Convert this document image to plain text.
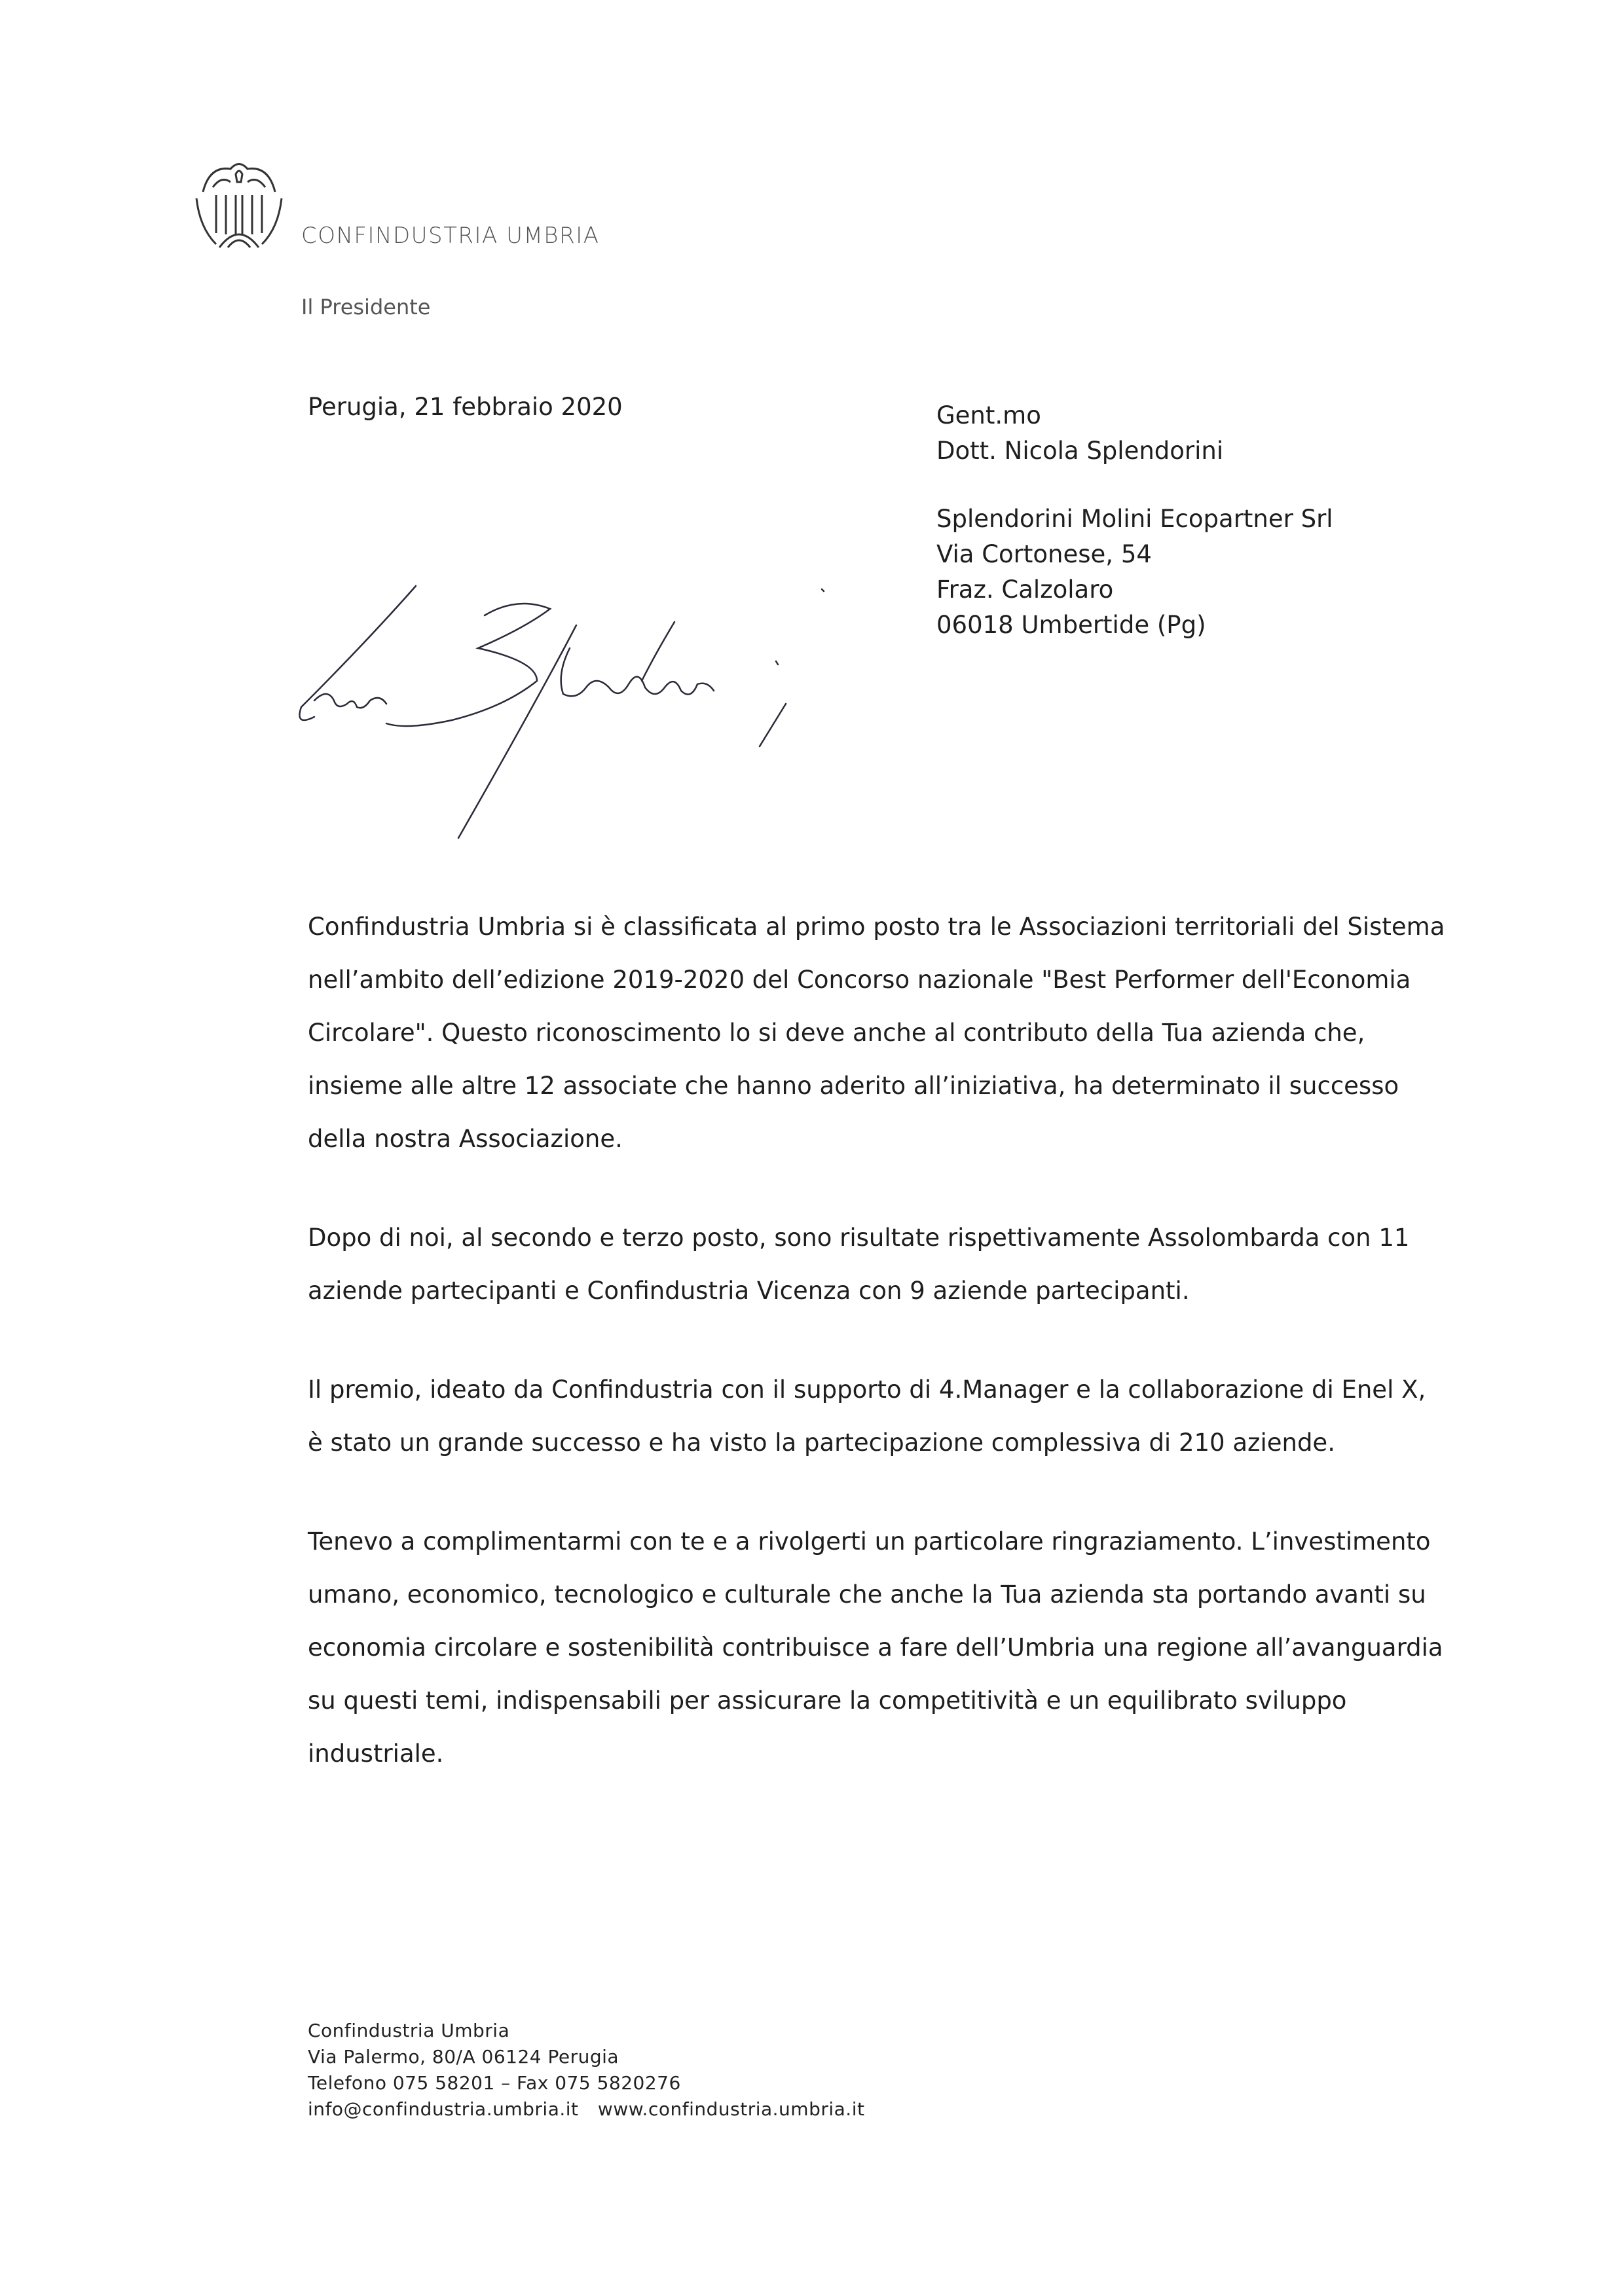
CONFINDUSTRIA UMBRIA
Il Presidente
Perugia, 21 febbraio 2020	Gent.mo
Dott. Nicola Splendorini
Splendorini Molini Ecopartner Srl
Via Cortonese, 54
Fraz. Calzolaro
06018 Umbertide (Pg)

Confindustria Umbria si è classificata al primo posto tra le Associazioni territoriali del Sistema nell’ambito dell’edizione 2019-2020 del Concorso nazionale "Best Performer dell'Economia Circolare". Questo riconoscimento lo si deve anche al contributo della Tua azienda che, insieme alle altre 12 associate che hanno aderito all’iniziativa, ha determinato il successo della nostra Associazione.

Dopo di noi, al secondo e terzo posto, sono risultate rispettivamente Assolombarda con 11 aziende partecipanti e Confindustria Vicenza con 9 aziende partecipanti.

Il premio, ideato da Confindustria con il supporto di 4.Manager e la collaborazione di Enel X, è stato un grande successo e ha visto la partecipazione complessiva di 210 aziende.

Tenevo a complimentarmi con te e a rivolgerti un particolare ringraziamento. L’investimento umano, economico, tecnologico e culturale che anche la Tua azienda sta portando avanti su economia circolare e sostenibilità contribuisce a fare dell’Umbria una regione all’avanguardia su questi temi, indispensabili per assicurare la competitività e un equilibrato sviluppo industriale.

Confindustria Umbria
Via Palermo, 80/A 06124 Perugia
Telefono 075 58201 – Fax 075 5820276
info@confindustria.umbria.it www.confindustria.umbria.it
